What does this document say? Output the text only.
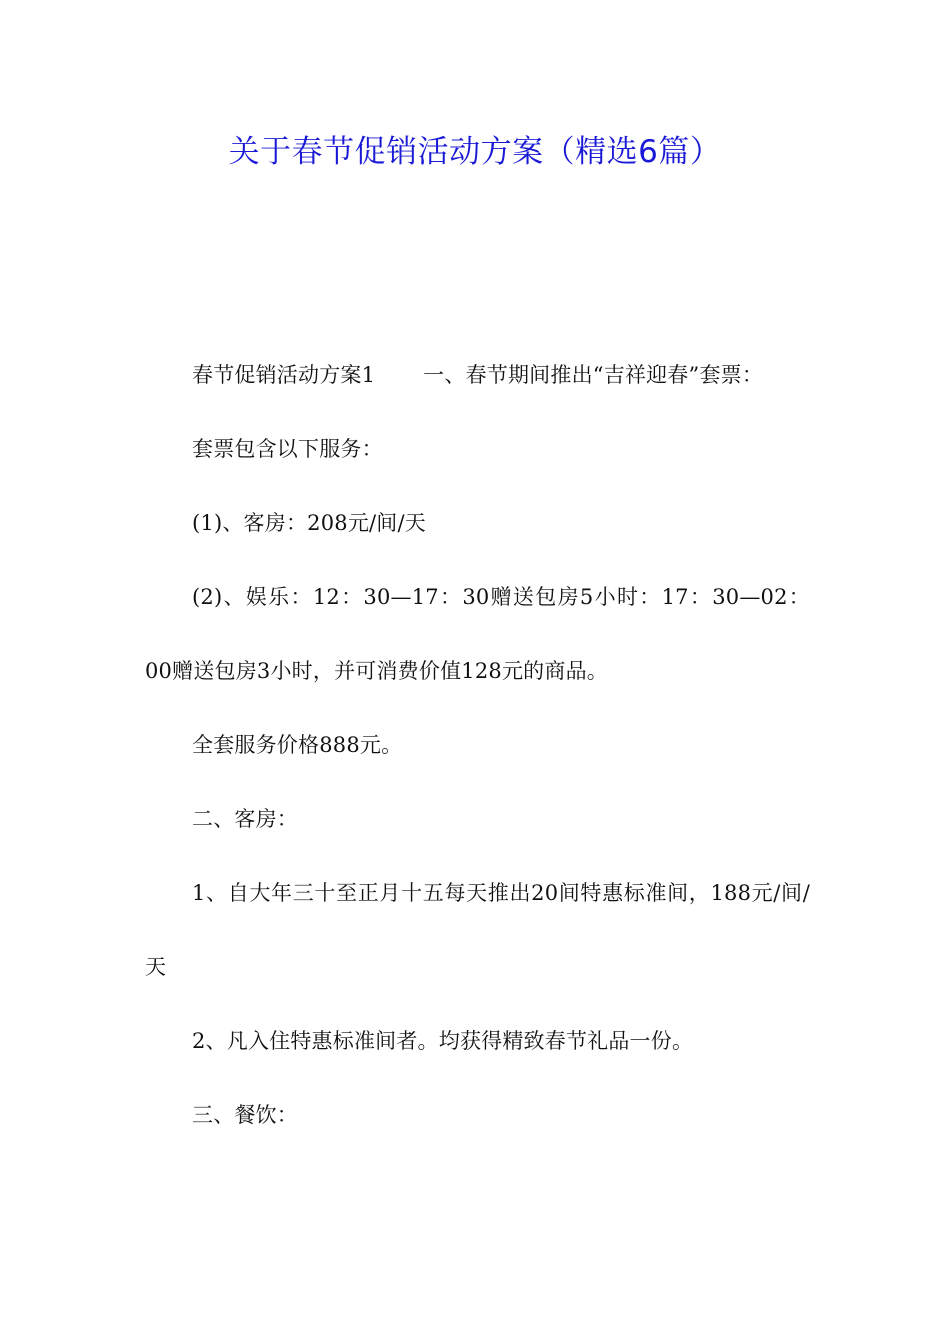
关于春节促销活动方案（精选6篇）

春节促销活动方案1 一、春节期间推出“吉祥迎春”套票：

套票包含以下服务：

(1)、客房：208元/间/天

(2)、娱乐：12：30—17：30赠送包房5小时：17：30—02：00赠送包房3小时，并可消费价值128元的商品。

全套服务价格888元。

二、客房：

1、自大年三十至正月十五每天推出20间特惠标准间，188元/间/天

2、凡入住特惠标准间者。均获得精致春节礼品一份。

三、餐饮：
